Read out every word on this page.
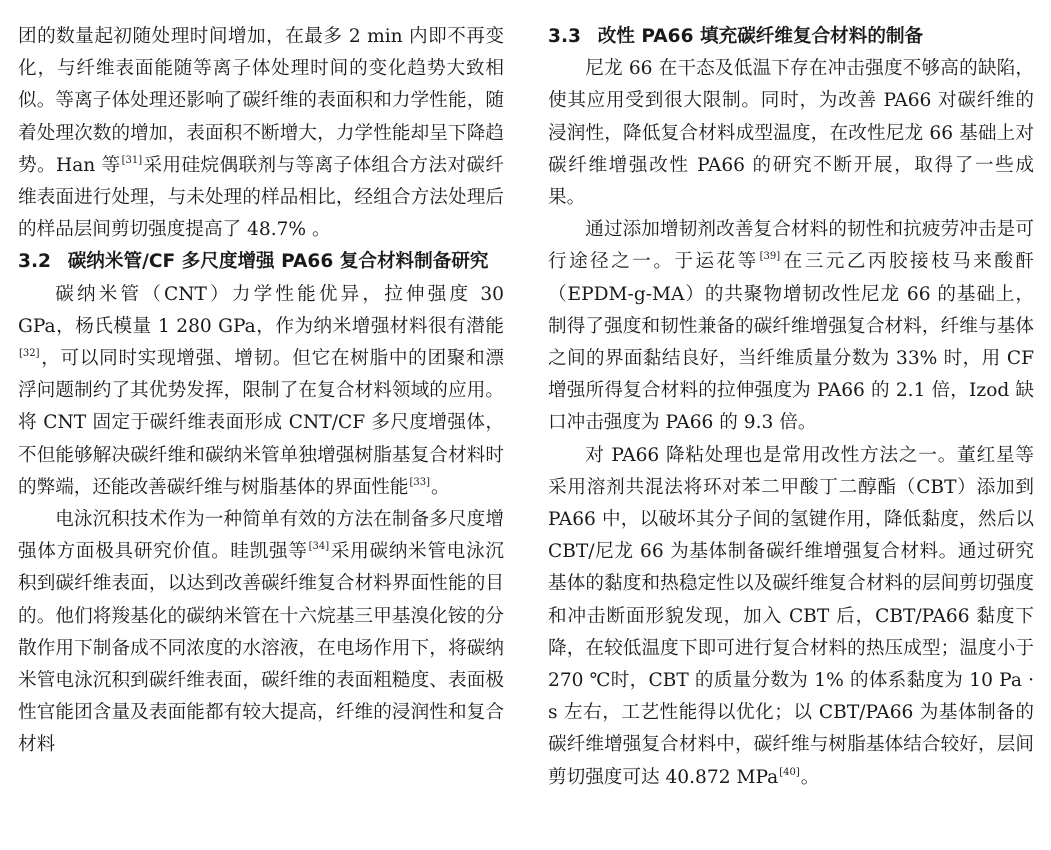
团的数量起初随处理时间增加，在最多 2 min 内即不再变化，与纤维表面能随等离子体处理时间的变化趋势大致相似。等离子体处理还影响了碳纤维的表面积和力学性能，随着处理次数的增加，表面积不断增大，力学性能却呈下降趋势。Han 等[31]采用硅烷偶联剂与等离子体组合方法对碳纤维表面进行处理，与未处理的样品相比，经组合方法处理后的样品层间剪切强度提高了 48.7% 。

3.2 碳纳米管/CF 多尺度增强 PA66 复合材料制备研究

碳纳米管（CNT）力学性能优异，拉伸强度 30 GPa，杨氏模量 1 280 GPa，作为纳米增强材料很有潜能[32]，可以同时实现增强、增韧。但它在树脂中的团聚和漂浮问题制约了其优势发挥，限制了在复合材料领域的应用。将 CNT 固定于碳纤维表面形成 CNT/CF 多尺度增强体，不但能够解决碳纤维和碳纳米管单独增强树脂基复合材料时的弊端，还能改善碳纤维与树脂基体的界面性能[33]。

电泳沉积技术作为一种简单有效的方法在制备多尺度增强体方面极具研究价值。眭凯强等[34]采用碳纳米管电泳沉积到碳纤维表面，以达到改善碳纤维复合材料界面性能的目的。他们将羧基化的碳纳米管在十六烷基三甲基溴化铵的分散作用下制备成不同浓度的水溶液，在电场作用下，将碳纳米管电泳沉积到碳纤维表面，碳纤维的表面粗糙度、表面极性官能团含量及表面能都有较大提高，纤维的浸润性和复合材料

3.3 改性 PA66 填充碳纤维复合材料的制备

尼龙 66 在干态及低温下存在冲击强度不够高的缺陷，使其应用受到很大限制。同时，为改善 PA66 对碳纤维的浸润性，降低复合材料成型温度，在改性尼龙 66 基础上对碳纤维增强改性 PA66 的研究不断开展，取得了一些成果。

通过添加增韧剂改善复合材料的韧性和抗疲劳冲击是可行途径之一。于运花等[39]在三元乙丙胶接枝马来酸酐（EPDM-g-MA）的共聚物增韧改性尼龙 66 的基础上，制得了强度和韧性兼备的碳纤维增强复合材料，纤维与基体之间的界面黏结良好，当纤维质量分数为 33% 时，用 CF 增强所得复合材料的拉伸强度为 PA66 的 2.1 倍，Izod 缺口冲击强度为 PA66 的 9.3 倍。

对 PA66 降粘处理也是常用改性方法之一。董红星等采用溶剂共混法将环对苯二甲酸丁二醇酯（CBT）添加到 PA66 中，以破坏其分子间的氢键作用，降低黏度，然后以 CBT/尼龙 66 为基体制备碳纤维增强复合材料。通过研究基体的黏度和热稳定性以及碳纤维复合材料的层间剪切强度和冲击断面形貌发现，加入 CBT 后，CBT/PA66 黏度下降，在较低温度下即可进行复合材料的热压成型；温度小于 270 ℃时，CBT 的质量分数为 1% 的体系黏度为 10 Pa · s 左右，工艺性能得以优化；以 CBT/PA66 为基体制备的碳纤维增强复合材料中，碳纤维与树脂基体结合较好，层间剪切强度可达 40.872 MPa[40]。
